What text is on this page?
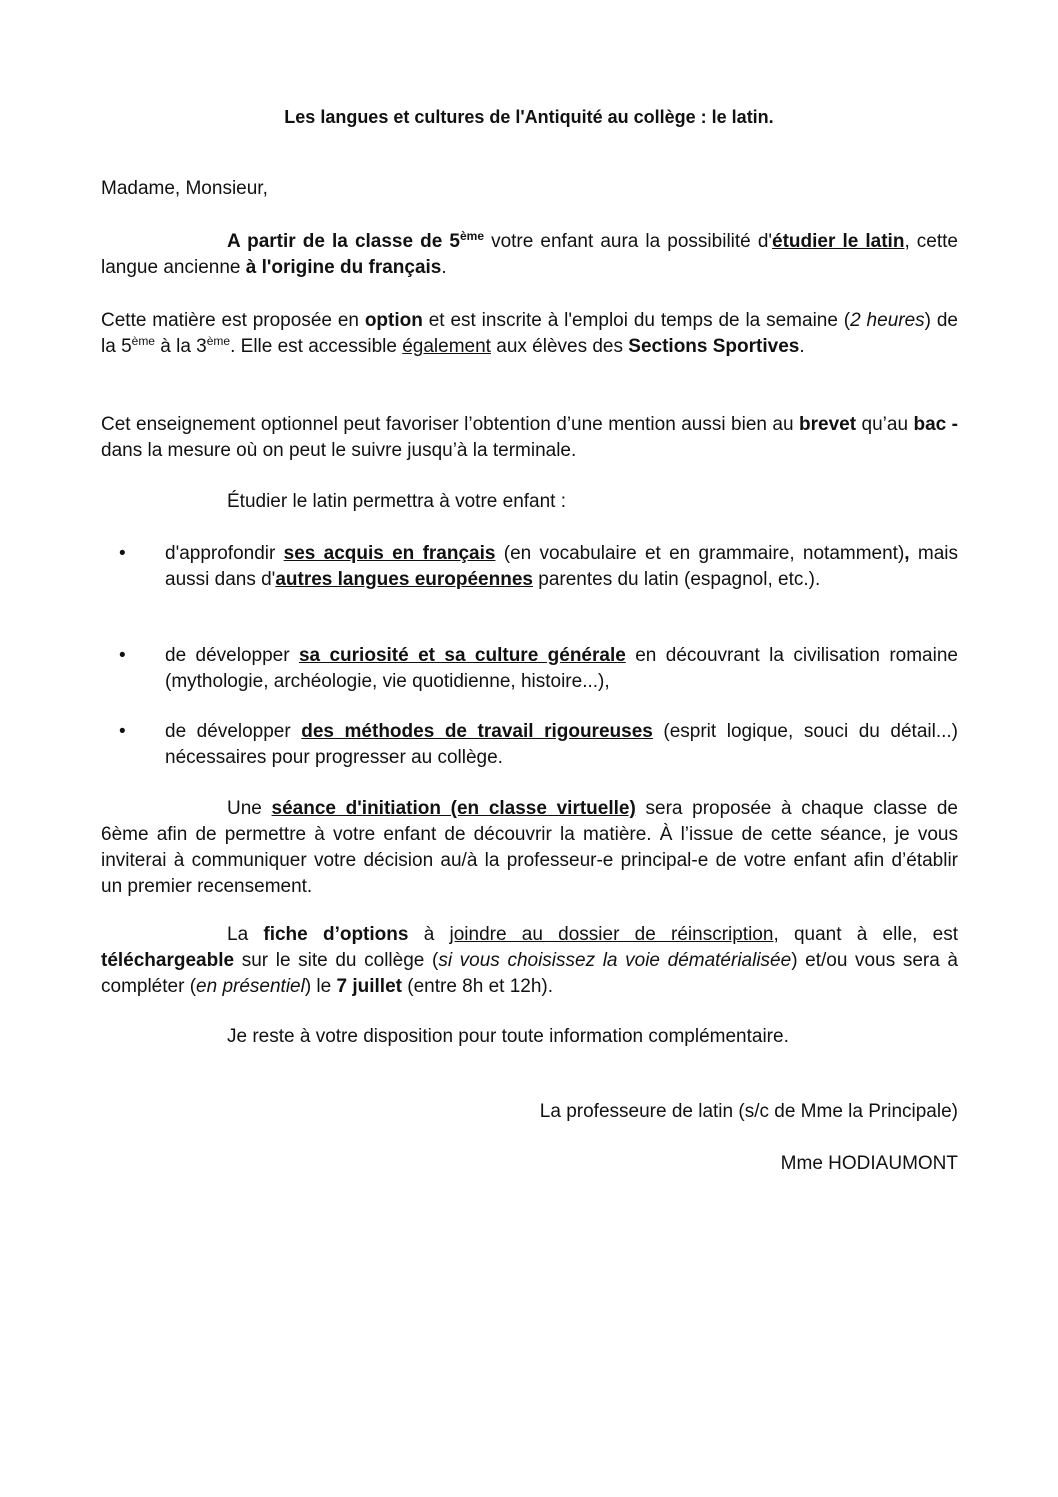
Les langues et cultures de l'Antiquité au collège : le latin.

Madame, Monsieur,

A partir de la classe de 5ème votre enfant aura la possibilité d'étudier le latin, cette langue ancienne à l'origine du français.

Cette matière est proposée en option et est inscrite à l'emploi du temps de la semaine (2 heures) de la 5ème à la 3ème. Elle est accessible également aux élèves des Sections Sportives.

Cet enseignement optionnel peut favoriser l’obtention d’une mention aussi bien au brevet qu’au bac - dans la mesure où on peut le suivre jusqu’à la terminale.

Étudier le latin permettra à votre enfant :

• d'approfondir ses acquis en français (en vocabulaire et en grammaire, notamment), mais aussi dans d'autres langues européennes parentes du latin (espagnol, etc.).
• de développer sa curiosité et sa culture générale en découvrant la civilisation romaine (mythologie, archéologie, vie quotidienne, histoire...),
• de développer des méthodes de travail rigoureuses (esprit logique, souci du détail...) nécessaires pour progresser au collège.

Une séance d'initiation (en classe virtuelle) sera proposée à chaque classe de 6ème afin de permettre à votre enfant de découvrir la matière. À l’issue de cette séance, je vous inviterai à communiquer votre décision au/à la professeur-e principal-e de votre enfant afin d’établir un premier recensement.

La fiche d’options à joindre au dossier de réinscription, quant à elle, est téléchargeable sur le site du collège (si vous choisissez la voie dématérialisée) et/ou vous sera à compléter (en présentiel) le 7 juillet (entre 8h et 12h).

Je reste à votre disposition pour toute information complémentaire.

La professeure de latin (s/c de Mme la Principale)
Mme HODIAUMONT
